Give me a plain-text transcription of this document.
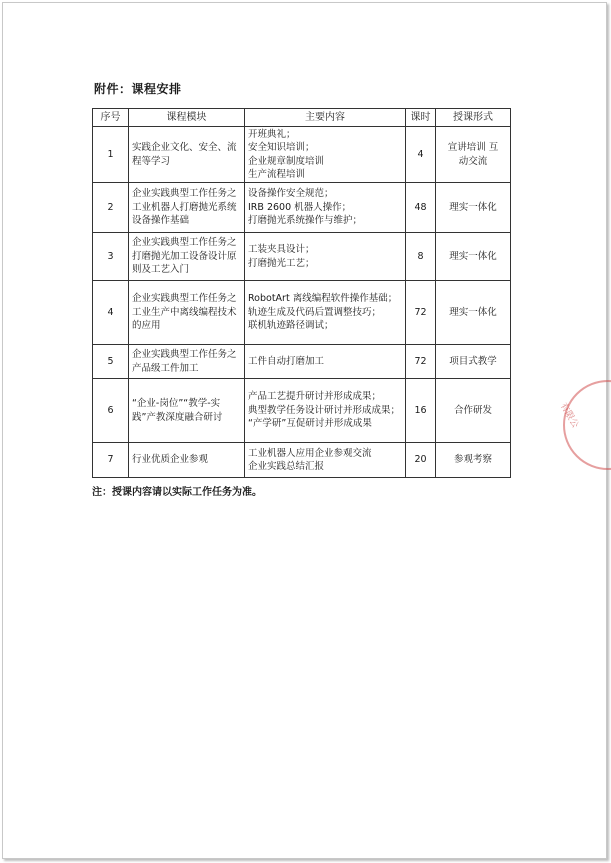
附件：课程安排
序号	课程模块	主要内容	课时	授课形式
1	实践企业文化、安全、流程等学习	开班典礼；
安全知识培训；
企业规章制度培训
生产流程培训	4	宣讲培训 互动交流

2	企业实践典型工作任务之工业机器人打磨抛光系统设备操作基础	设备操作安全规范；
IRB 2600 机器人操作；
打磨抛光系统操作与维护；	48	理实一体化
3	企业实践典型工作任务之打磨抛光加工设备设计原则及工艺入门	工装夹具设计；
打磨抛光工艺；	8	理实一体化
4	企业实践典型工作任务之工业生产中离线编程技术的应用	RobotArt 离线编程软件操作基础；
轨迹生成及代码后置调整技巧；
联机轨迹路径调试；	72	理实一体化
5	企业实践典型工作任务之产品级工件加工	工件自动打磨加工	72	项目式教学
6	“企业-岗位”“教学-实践”产教深度融合研讨	产品工艺提升研讨并形成成果；
典型教学任务设计研讨并形成成果；
“产学研”互促研讨并形成成果	16	合作研发
7	行业优质企业参观	工业机器人应用企业参观交流
企业实践总结汇报	20	参观考察
注：授课内容请以实际工作任务为准。
有限公
